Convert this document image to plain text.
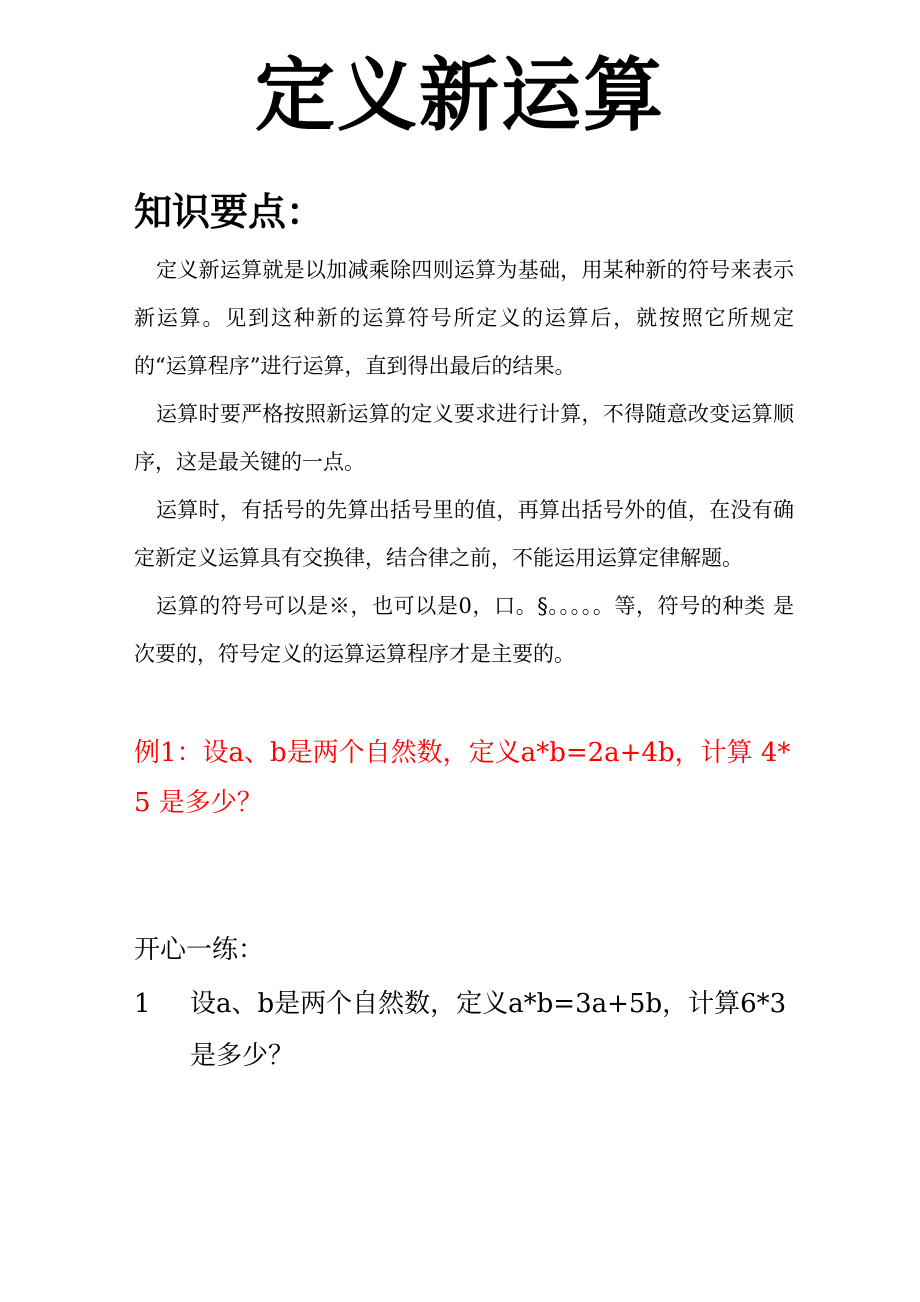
定义新运算
知识要点：

定义新运算就是以加减乘除四则运算为基础，用某种新的符号来表示新运算。见到这种新的运算符号所定义的运算后，就按照它所规定的“运算程序”进行运算，直到得出最后的结果。

运算时要严格按照新运算的定义要求进行计算，不得随意改变运算顺序，这是最关键的一点。

运算时，有括号的先算出括号里的值，再算出括号外的值，在没有确定新定义运算具有交换律，结合律之前，不能运用运算定律解题。

运算的符号可以是※，也可以是0，口。§。。。。。等，符号的种类 是次要的，符号定义的运算运算程序才是主要的。

例1：设a、b是两个自然数，定义a*b=2a+4b，计算 4*5 是多少？

开心一练：
1	设a、b是两个自然数，定义a*b=3a+5b，计算6*3是多少？
